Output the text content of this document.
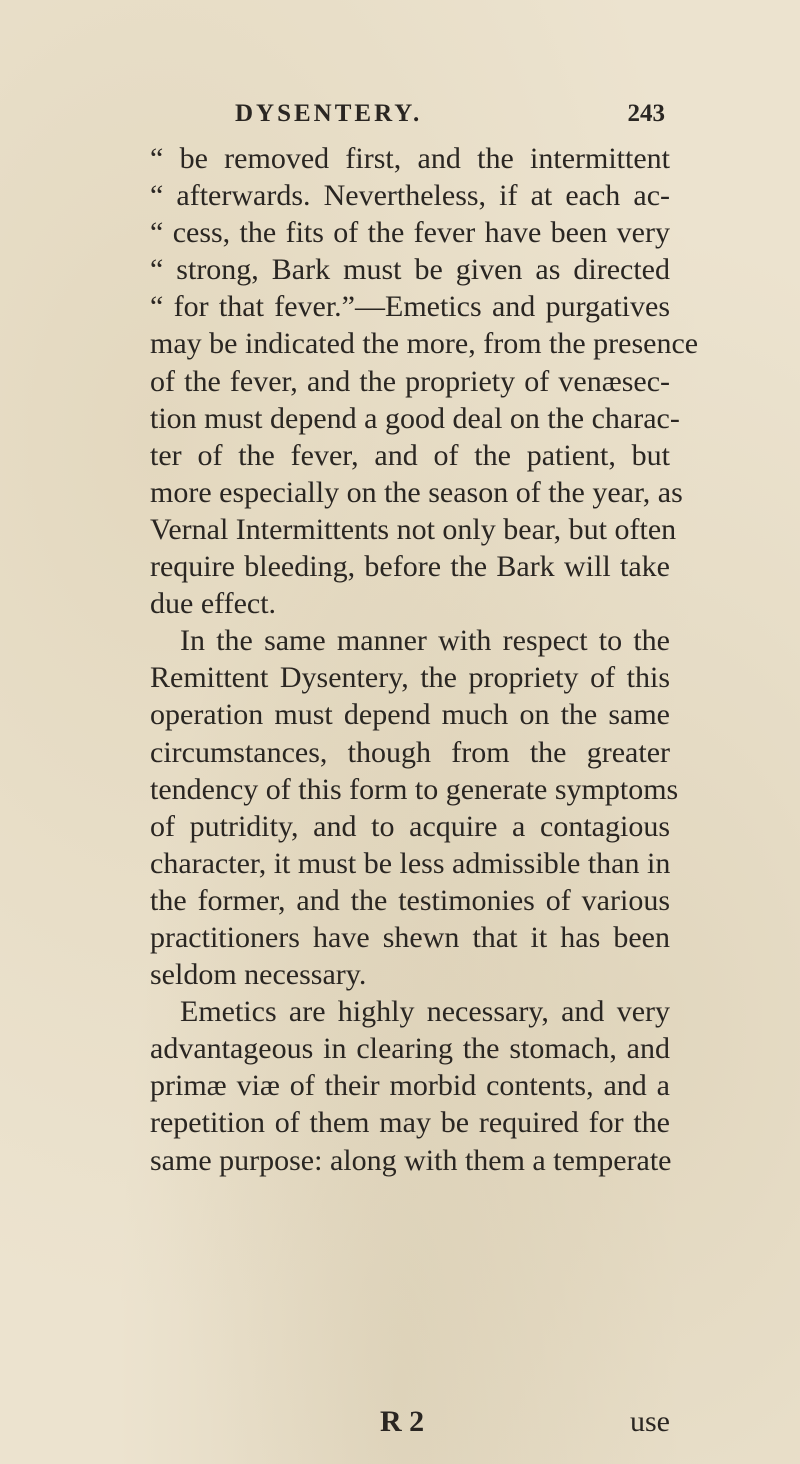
DYSENTERY.	243
“ be removed first, and the intermittent
“ afterwards. Nevertheless, if at each ac-
“ cess, the fits of the fever have been very
“ strong, Bark must be given as directed
“ for that fever.”—Emetics and purgatives
may be indicated the more, from the presence
of the fever, and the propriety of venæsec-
tion must depend a good deal on the charac-
ter of the fever, and of the patient, but
more especially on the season of the year, as
Vernal Intermittents not only bear, but often
require bleeding, before the Bark will take
due effect.
In the same manner with respect to the
Remittent Dysentery, the propriety of this
operation must depend much on the same
circumstances, though from the greater
tendency of this form to generate symptoms
of putridity, and to acquire a contagious
character, it must be less admissible than in
the former, and the testimonies of various
practitioners have shewn that it has been
seldom necessary.
Emetics are highly necessary, and very
advantageous in clearing the stomach, and
primæ viæ of their morbid contents, and a
repetition of them may be required for the
same purpose: along with them a temperate
R 2	use
